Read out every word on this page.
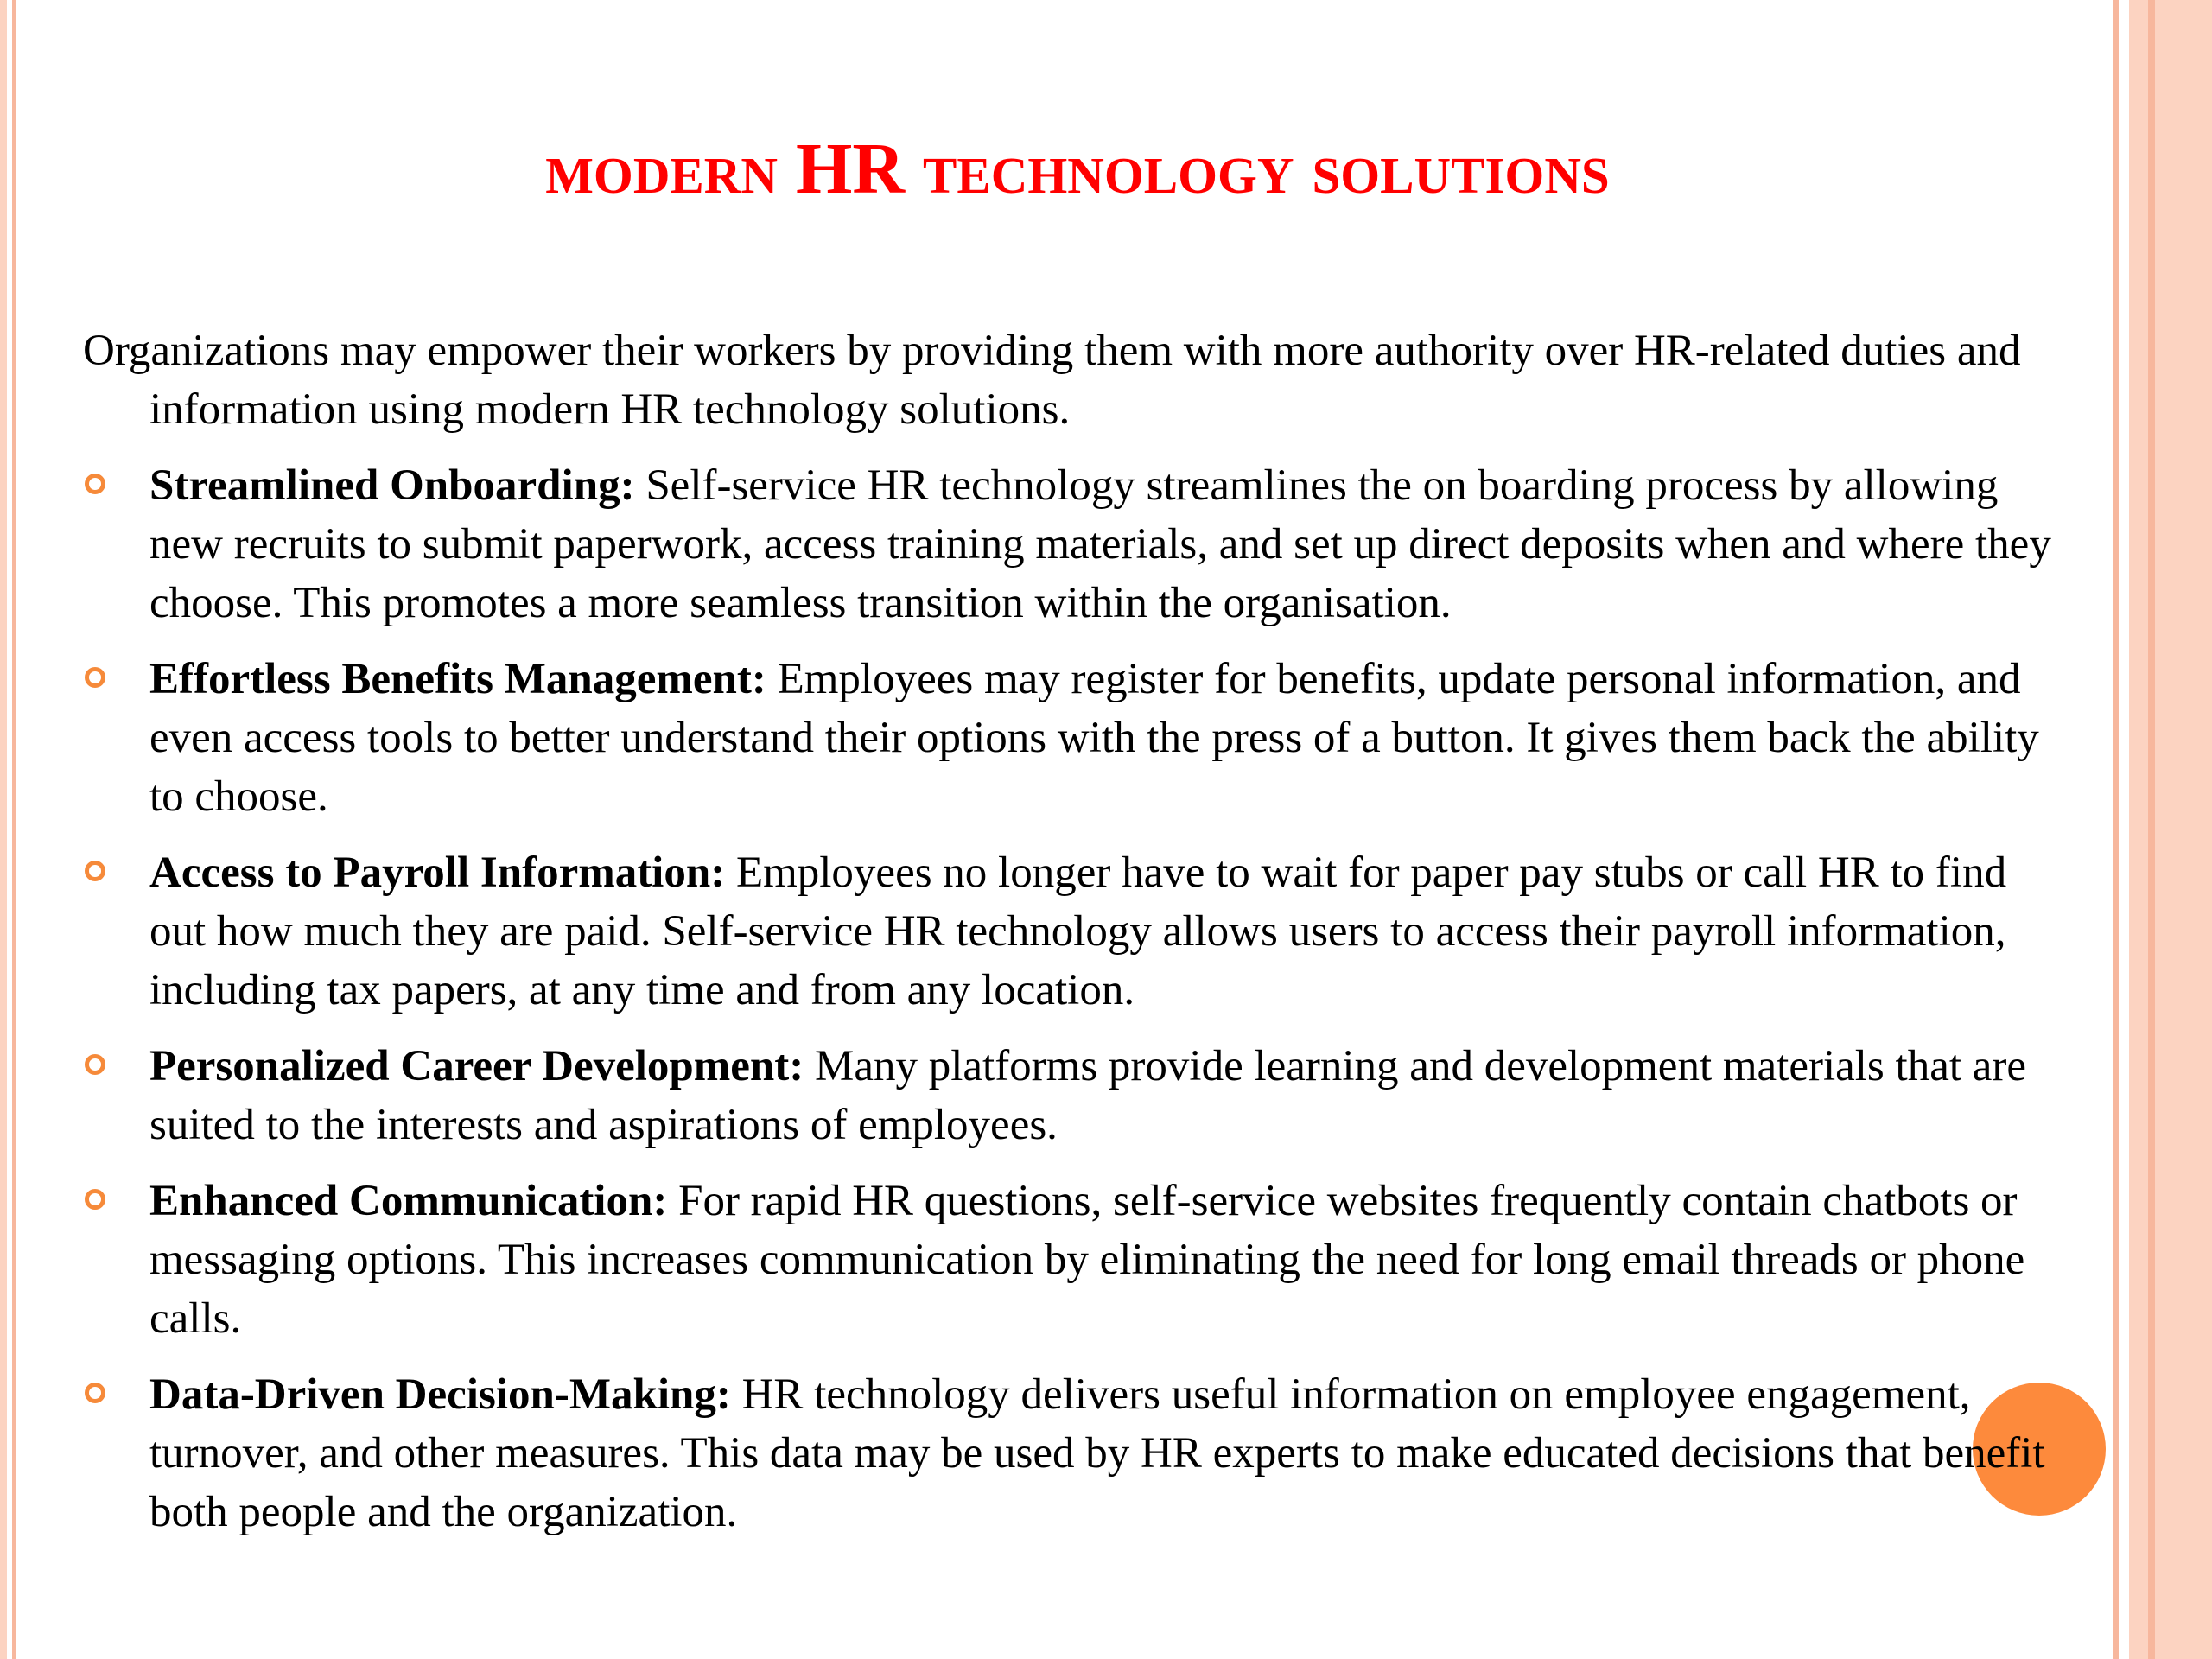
modern HR technology solutions

Organizations may empower their workers by providing them with more authority over HR-related duties and information using modern HR technology solutions.

Streamlined Onboarding: Self-service HR technology streamlines the on boarding process by allowing new recruits to submit paperwork, access training materials, and set up direct deposits when and where they choose. This promotes a more seamless transition within the organisation.
Effortless Benefits Management: Employees may register for benefits, update personal information, and even access tools to better understand their options with the press of a button. It gives them back the ability to choose.
Access to Payroll Information: Employees no longer have to wait for paper pay stubs or call HR to find out how much they are paid. Self-service HR technology allows users to access their payroll information, including tax papers, at any time and from any location.
Personalized Career Development: Many platforms provide learning and development materials that are suited to the interests and aspirations of employees.
Enhanced Communication: For rapid HR questions, self-service websites frequently contain chatbots or messaging options. This increases communication by eliminating the need for long email threads or phone calls.
Data-Driven Decision-Making: HR technology delivers useful information on employee engagement, turnover, and other measures. This data may be used by HR experts to make educated decisions that benefit both people and the organization.
